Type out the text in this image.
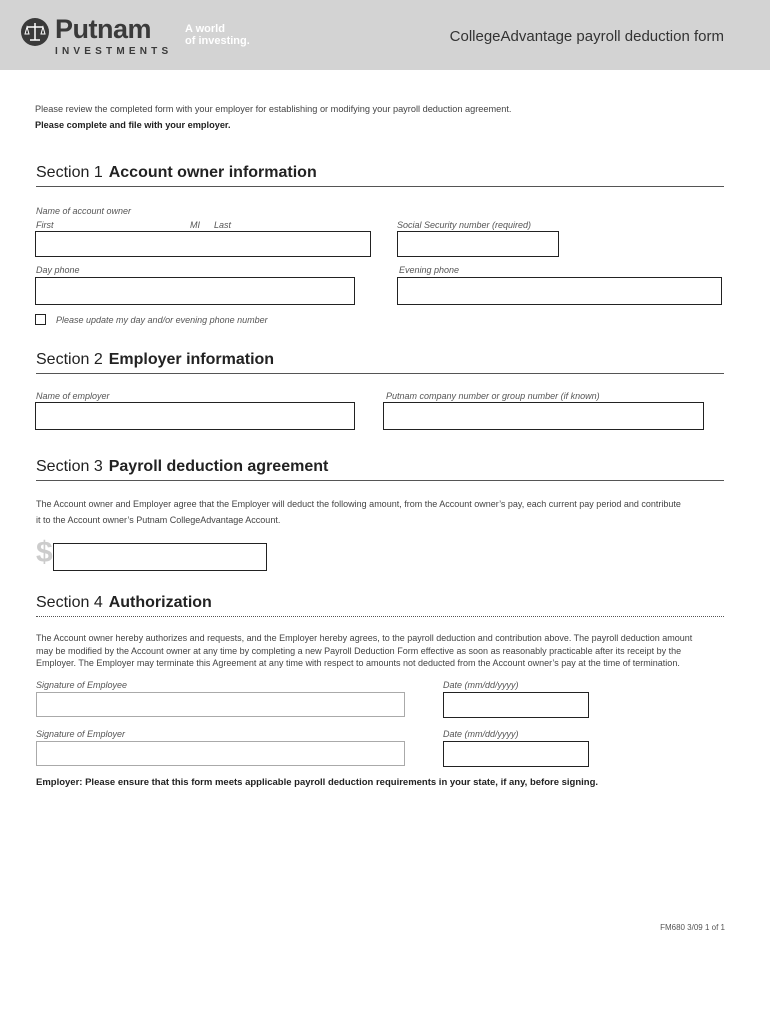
Putnam
INVESTMENTS
A world
of investing.	CollegeAdvantage payroll deduction form
Please review the completed form with your employer for establishing or modifying your payroll deduction agreement.
Please complete and file with your employer.
Section 1 Account owner information
Name of account owner
First	MI Last	Social Security number (required)
Day phone	Evening phone
Please update my day and/or evening phone number
Section 2 Employer information
Name of employer	Putnam company number or group number (if known)
Section 3 Payroll deduction agreement
The Account owner and Employer agree that the Employer will deduct the following amount, from the Account owner’s pay, each current pay period and contribute
it to the Account owner’s Putnam CollegeAdvantage Account.
$
Section 4 Authorization
The Account owner hereby authorizes and requests, and the Employer hereby agrees, to the payroll deduction and contribution above. The payroll deduction amount
may be modified by the Account owner at any time by completing a new Payroll Deduction Form effective as soon as reasonably practicable after its receipt by the
Employer. The Employer may terminate this Agreement at any time with respect to amounts not deducted from the Account owner’s pay at the time of termination.
Signature of Employee	Date (mm/dd/yyyy)
Signature of Employer	Date (mm/dd/yyyy)
Employer: Please ensure that this form meets applicable payroll deduction requirements in your state, if any, before signing.
FM680 3/09 1 of 1
